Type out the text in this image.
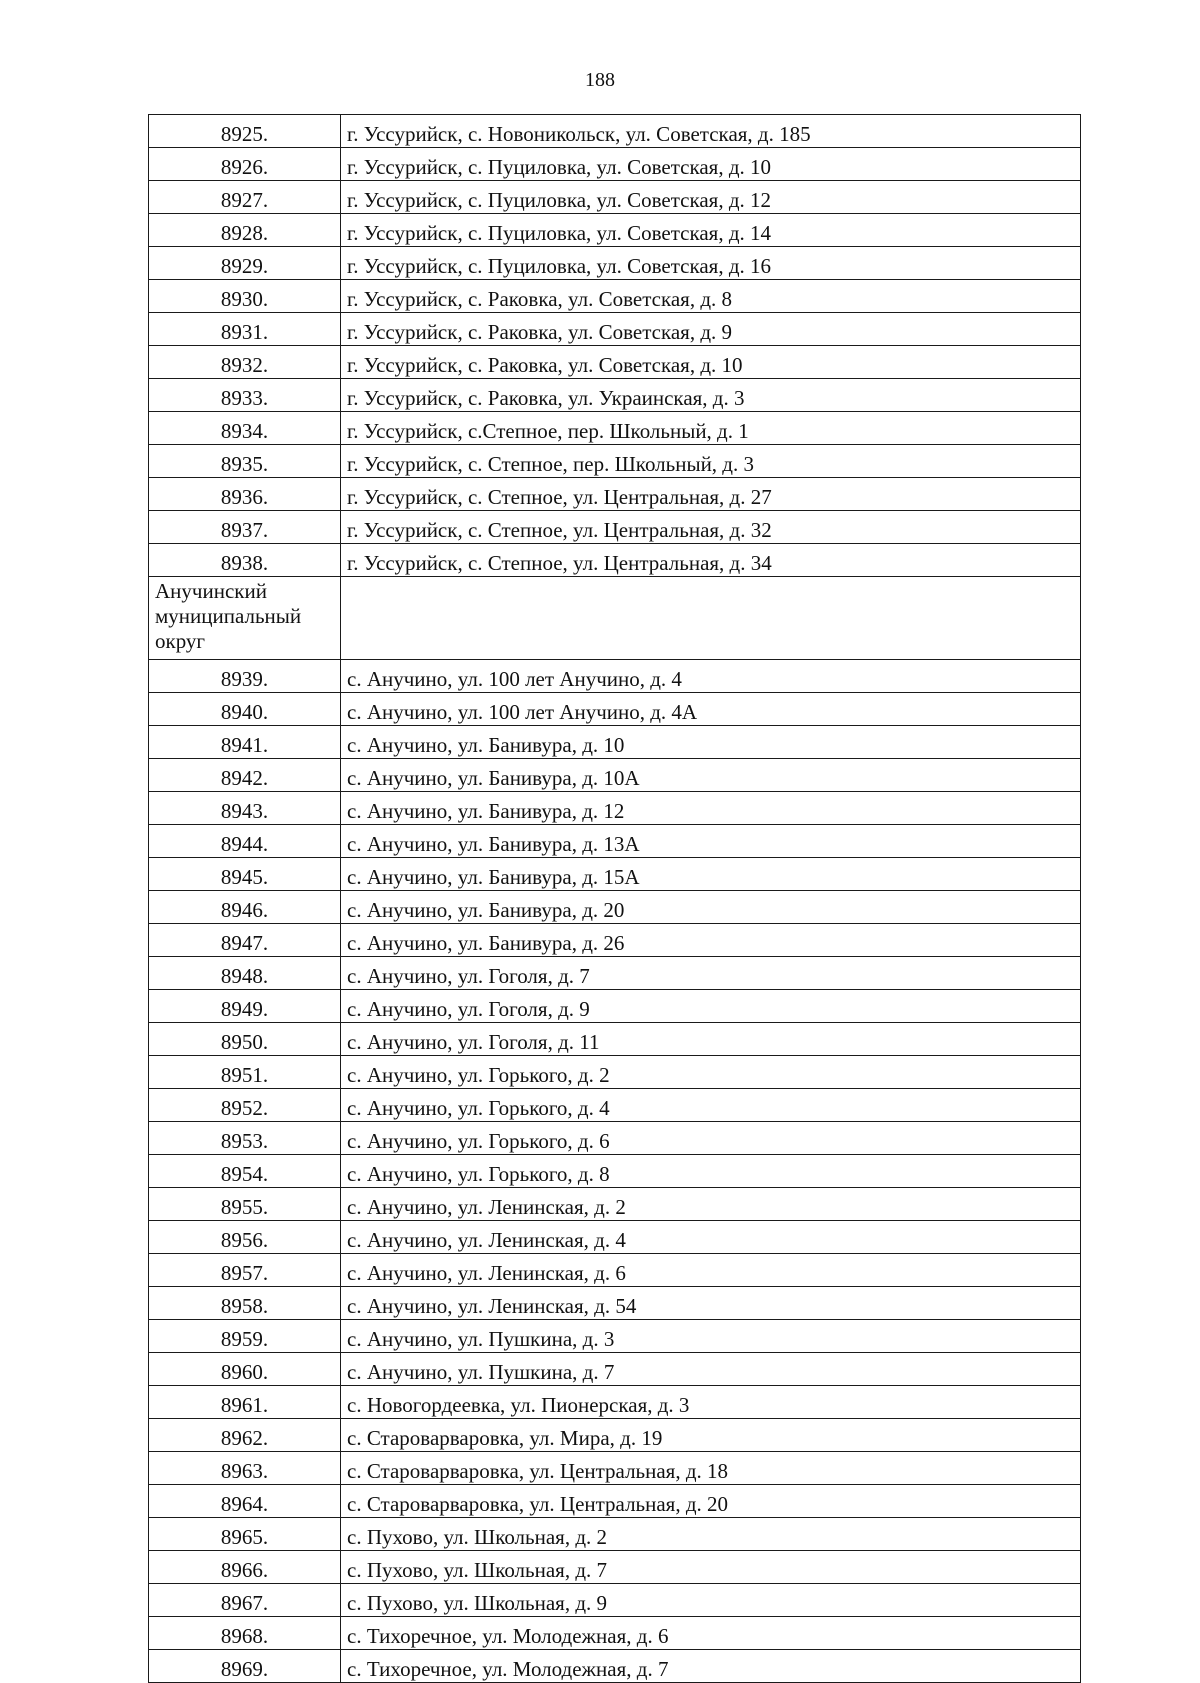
188
8925.	г. Уссурийск, с. Новоникольск, ул. Советская, д. 185
8926.	г. Уссурийск, с. Пуциловка, ул. Советская, д. 10
8927.	г. Уссурийск, с. Пуциловка, ул. Советская, д. 12
8928.	г. Уссурийск, с. Пуциловка, ул. Советская, д. 14
8929.	г. Уссурийск, с. Пуциловка, ул. Советская, д. 16
8930.	г. Уссурийск, с. Раковка, ул. Советская, д. 8
8931.	г. Уссурийск, с. Раковка, ул. Советская, д. 9
8932.	г. Уссурийск, с. Раковка, ул. Советская, д. 10
8933.	г. Уссурийск, с. Раковка, ул. Украинская, д. 3
8934.	г. Уссурийск, с.Степное, пер. Школьный, д. 1
8935.	г. Уссурийск, с. Степное, пер. Школьный, д. 3
8936.	г. Уссурийск, с. Степное, ул. Центральная, д. 27
8937.	г. Уссурийск, с. Степное, ул. Центральная, д. 32
8938.	г. Уссурийск, с. Степное, ул. Центральная, д. 34
Анучинский муниципальный округ	
8939.	с. Анучино, ул. 100 лет Анучино, д. 4
8940.	с. Анучино, ул. 100 лет Анучино, д. 4А
8941.	с. Анучино, ул. Банивура, д. 10
8942.	с. Анучино, ул. Банивура, д. 10А
8943.	с. Анучино, ул. Банивура, д. 12
8944.	с. Анучино, ул. Банивура, д. 13А
8945.	с. Анучино, ул. Банивура, д. 15А
8946.	с. Анучино, ул. Банивура, д. 20
8947.	с. Анучино, ул. Банивура, д. 26
8948.	с. Анучино, ул. Гоголя, д. 7
8949.	с. Анучино, ул. Гоголя, д. 9
8950.	с. Анучино, ул. Гоголя, д. 11
8951.	с. Анучино, ул. Горького, д. 2
8952.	с. Анучино, ул. Горького, д. 4
8953.	с. Анучино, ул. Горького, д. 6
8954.	с. Анучино, ул. Горького, д. 8
8955.	с. Анучино, ул. Ленинская, д. 2
8956.	с. Анучино, ул. Ленинская, д. 4
8957.	с. Анучино, ул. Ленинская, д. 6
8958.	с. Анучино, ул. Ленинская, д. 54
8959.	с. Анучино, ул. Пушкина, д. 3
8960.	с. Анучино, ул. Пушкина, д. 7
8961.	с. Новогордеевка, ул. Пионерская, д. 3
8962.	с. Староварваровка, ул. Мира, д. 19
8963.	с. Староварваровка, ул. Центральная, д. 18
8964.	с. Староварваровка, ул. Центральная, д. 20
8965.	с. Пухово, ул. Школьная, д. 2
8966.	с. Пухово, ул. Школьная, д. 7
8967.	с. Пухово, ул. Школьная, д. 9
8968.	с. Тихоречное, ул. Молодежная, д. 6
8969.	с. Тихоречное, ул. Молодежная, д. 7
